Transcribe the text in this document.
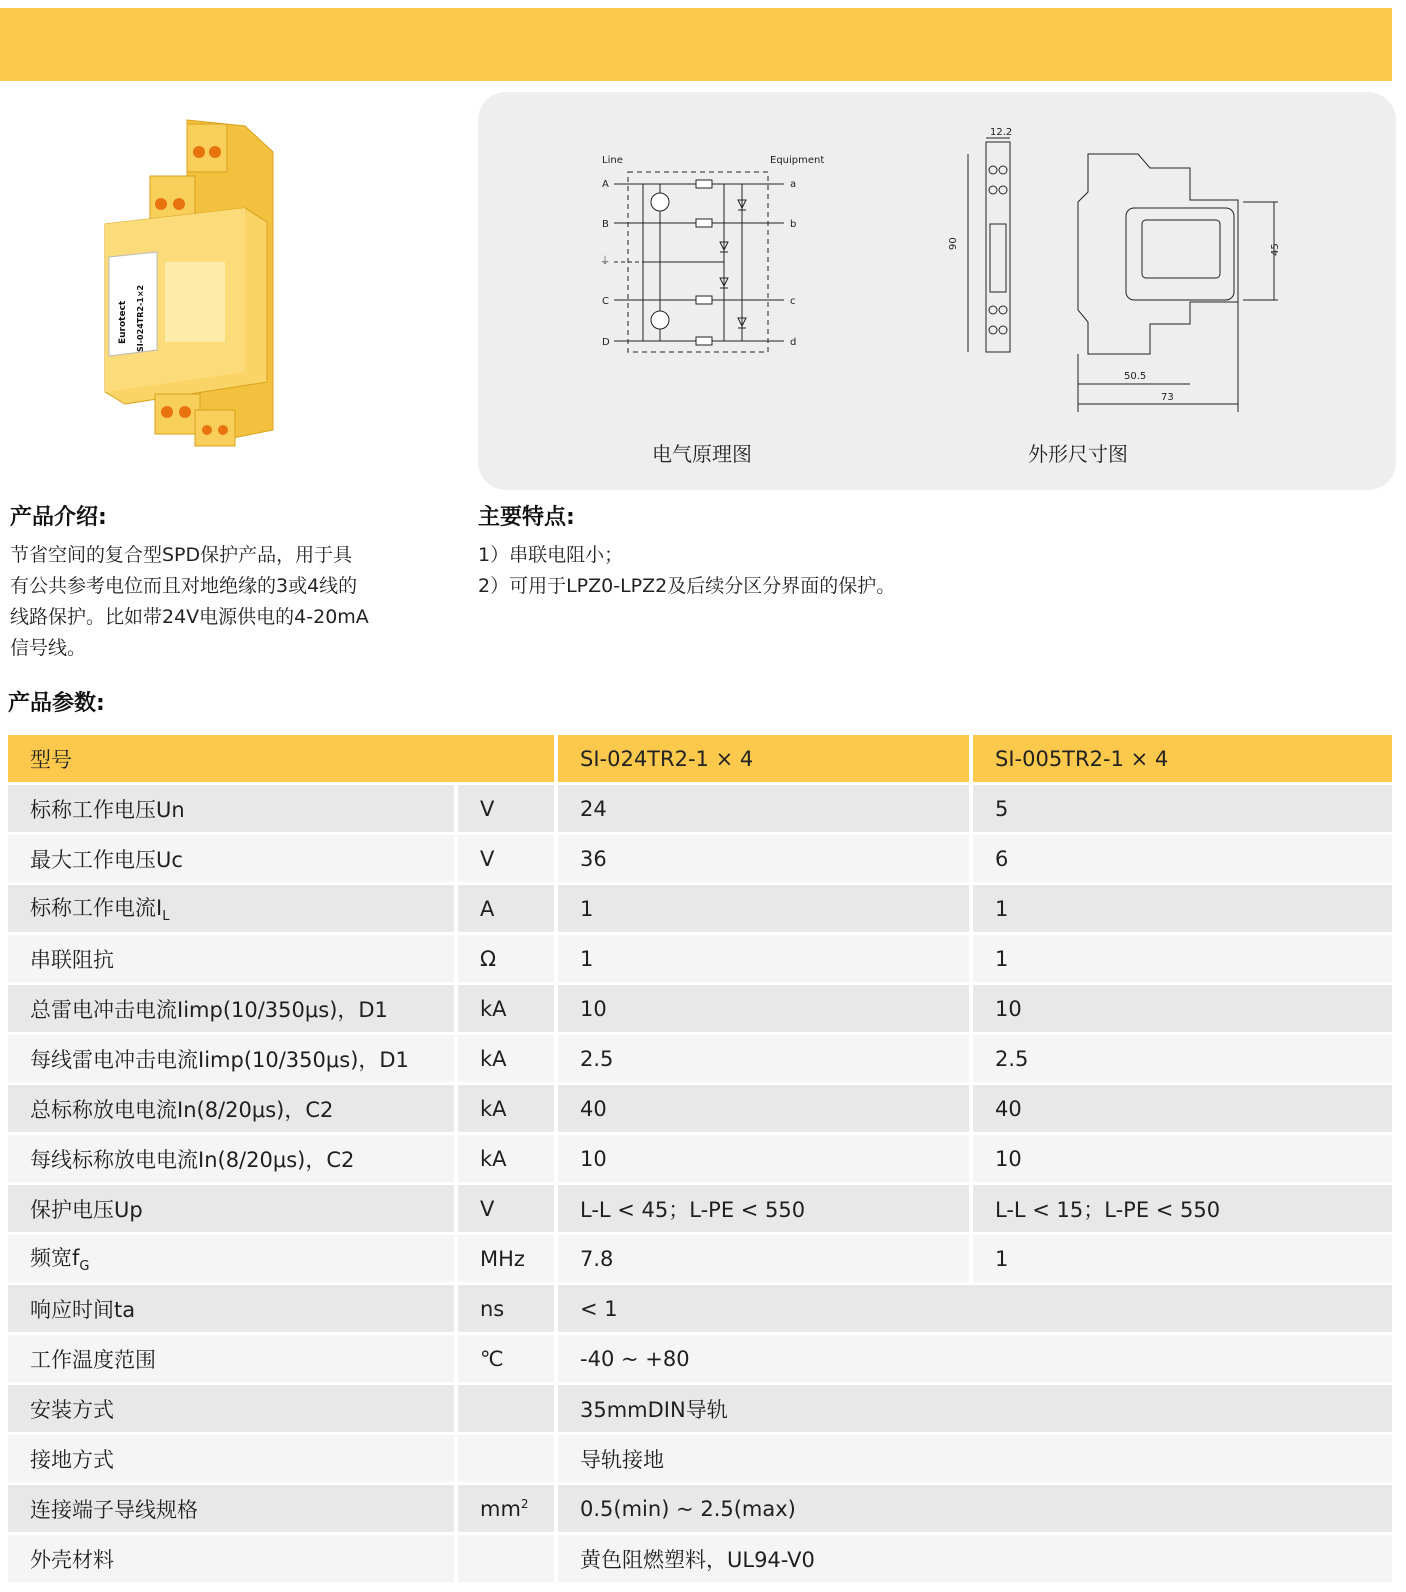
Eurotect SI-024TR2-1×2
Line	Equipment
A
B
⏚
C
D
a
b
c
d
12.2
90	45
50.5
73
电气原理图	外形尺寸图
产品介绍:
节省空间的复合型SPD保护产品，用于具
有公共参考电位而且对地绝缘的3或4线的
线路保护。比如带24V电源供电的4-20mA
信号线。
主要特点:
1）串联电阻小；
2）可用于LPZ0-LPZ2及后续分区分界面的保护。
产品参数:
型号		SI-024TR2-1 × 4	SI-005TR2-1 × 4
标称工作电压Un	V	24	5
最大工作电压Uc	V	36	6
标称工作电流$I_L$	A	1	1
串联阻抗	Ω	1	1
总雷电冲击电流Iimp(10/350μs)，D1	kA	10	10
每线雷电冲击电流Iimp(10/350μs)，D1	kA	2.5	2.5
总标称放电电流In(8/20μs)，C2	kA	40	40
每线标称放电电流In(8/20μs)，C2	kA	10	10
保护电压Up	V	L-L < 45；L-PE < 550	L-L < 15；L-PE < 550
频宽$f_G$	MHz	7.8	1
响应时间ta	ns	< 1	
工作温度范围	℃	-40 ~ +80	
安装方式		35mmDIN导轨	
接地方式		导轨接地	
连接端子导线规格	$mm^2$	0.5(min) ~ 2.5(max)	
外壳材料		黄色阻燃塑料，UL94-V0	
